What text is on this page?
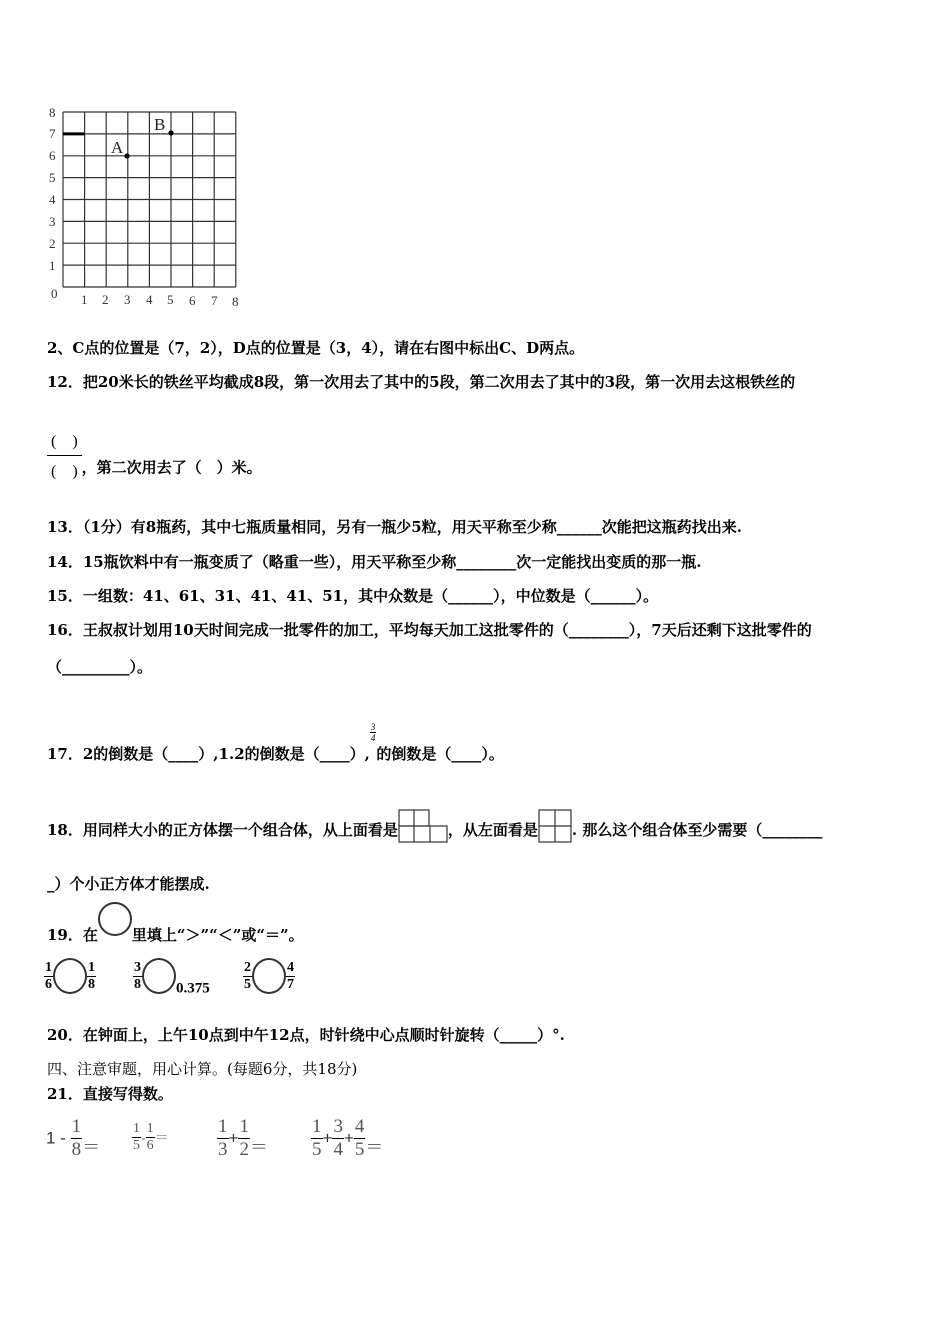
8
7
6
5
4
3
2
1
0 1 2 3 4 5 6 7 8
A
B
2、C点的位置是（7，2），D点的位置是（3，4），请在右图中标出C、D两点。
12．把20米长的铁丝平均截成8段，第一次用去了其中的5段，第二次用去了其中的3段，第一次用去这根铁丝的
$\frac{( )}{( )}$ ，第二次用去了（　）米。
13．（1分）有8瓶药，其中七瓶质量相同，另有一瓶少5粒，用天平称至少称______次能把这瓶药找出来.
14．15瓶饮料中有一瓶变质了（略重一些），用天平称至少称________次一定能找出变质的那一瓶.
15．一组数：41、61、31、41、41、51，其中众数是（______），中位数是（______）。
16．王叔叔计划用10天时间完成一批零件的加工，平均每天加工这批零件的（________），7天后还剩下这批零件的
（_________）。
17．2的倒数是（____）,1.2的倒数是（____）,
$\frac{3}{4}$
的倒数是（____）。
18．用同样大小的正方体摆一个组合体，从上面看是	，从左面看是 . 那么这个组合体至少需要（________
_）个小正方体才能摆成.
19．在 里填上“＞”“＜”或“＝”。
$\frac{1}{6} \frac{1}{8}$	$\frac{3}{8} 0.375 \frac{2}{5} \frac{4}{7}$
20．在钟面上，上午10点到中午12点，时针绕中心点顺时针旋转（_____）°.
四、注意审题，用心计算。(每题6分，共18分)
21．直接写得数。
$1 - \frac{1}{8} = \frac{1}{5} - \frac{1}{6}$ ＝	$\frac{1}{3} + \frac{1}{2} = \frac{1}{5} + \frac{3}{4} + \frac{4}{5}$ ＝
